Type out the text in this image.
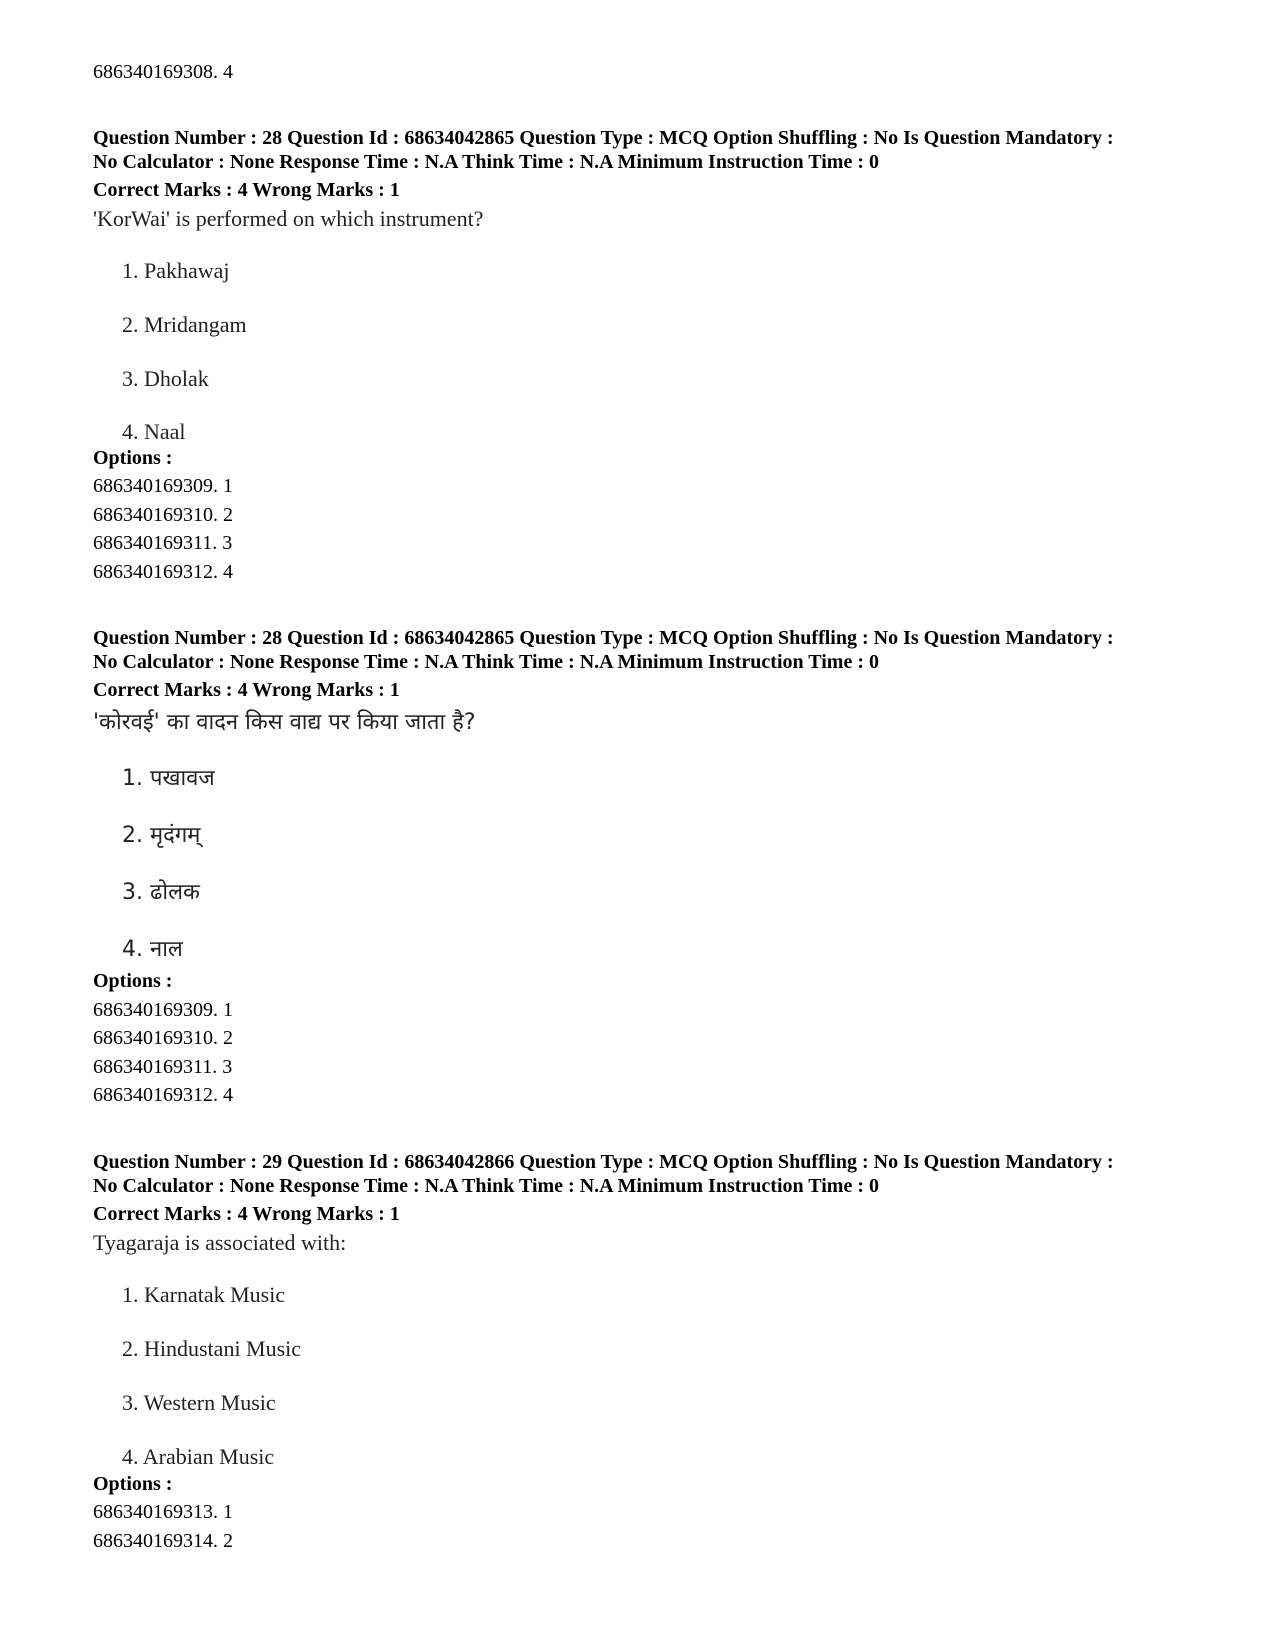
686340169308. 4
Question Number : 28 Question Id : 68634042865 Question Type : MCQ Option Shuffling : No Is Question Mandatory :
No Calculator : None Response Time : N.A Think Time : N.A Minimum Instruction Time : 0
Correct Marks : 4 Wrong Marks : 1
'KorWai' is performed on which instrument?
1. Pakhawaj
2. Mridangam
3. Dholak
4. Naal
Options :
686340169309. 1
686340169310. 2
686340169311. 3
686340169312. 4
Question Number : 28 Question Id : 68634042865 Question Type : MCQ Option Shuffling : No Is Question Mandatory :
No Calculator : None Response Time : N.A Think Time : N.A Minimum Instruction Time : 0
Correct Marks : 4 Wrong Marks : 1
'कोरवई' का वादन किस वाद्य पर किया जाता है?
1. पखावज
2. मृदंगम्
3. ढोलक
4. नाल
Options :
686340169309. 1
686340169310. 2
686340169311. 3
686340169312. 4
Question Number : 29 Question Id : 68634042866 Question Type : MCQ Option Shuffling : No Is Question Mandatory :
No Calculator : None Response Time : N.A Think Time : N.A Minimum Instruction Time : 0
Correct Marks : 4 Wrong Marks : 1
Tyagaraja is associated with:
1. Karnatak Music
2. Hindustani Music
3. Western Music
4. Arabian Music
Options :
686340169313. 1
686340169314. 2
